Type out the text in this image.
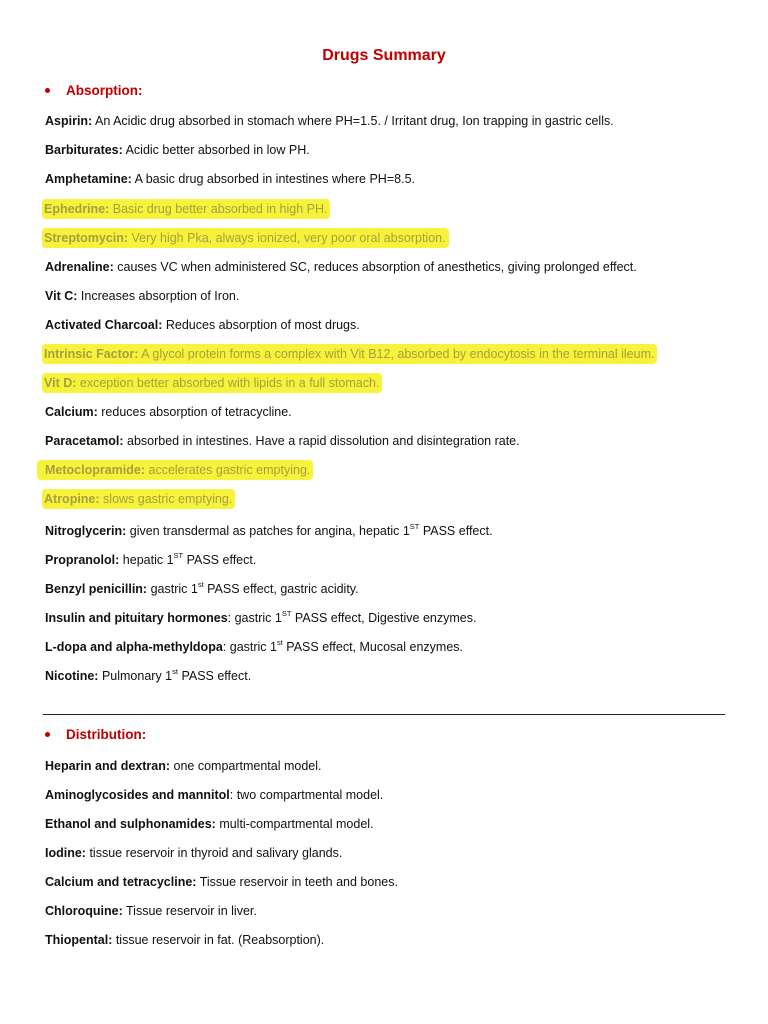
Drugs Summary
Absorption:
Aspirin: An Acidic drug absorbed in stomach where PH=1.5. / Irritant drug, Ion trapping in gastric cells.
Barbiturates: Acidic better absorbed in low PH.
Amphetamine: A basic drug absorbed in intestines where PH=8.5.
Ephedrine: Basic drug better absorbed in high PH.
Streptomycin: Very high Pka, always ionized, very poor oral absorption.
Adrenaline: causes VC when administered SC, reduces absorption of anesthetics, giving prolonged effect.
Vit C: Increases absorption of Iron.
Activated Charcoal: Reduces absorption of most drugs.
Intrinsic Factor: A glycol protein forms a complex with Vit B12, absorbed by endocytosis in the terminal ileum.
Vit D: exception better absorbed with lipids in a full stomach.
Calcium: reduces absorption of tetracycline.
Paracetamol: absorbed in intestines. Have a rapid dissolution and disintegration rate.
Metoclopramide: accelerates gastric emptying.
Atropine: slows gastric emptying.
Nitroglycerin: given transdermal as patches for angina, hepatic 1ST PASS effect.
Propranolol: hepatic 1ST PASS effect.
Benzyl penicillin: gastric 1st PASS effect, gastric acidity.
Insulin and pituitary hormones: gastric 1ST PASS effect, Digestive enzymes.
L-dopa and alpha-methyldopa: gastric 1st PASS effect, Mucosal enzymes.
Nicotine: Pulmonary 1st PASS effect.
Distribution:
Heparin and dextran: one compartmental model.
Aminoglycosides and mannitol: two compartmental model.
Ethanol and sulphonamides: multi-compartmental model.
Iodine: tissue reservoir in thyroid and salivary glands.
Calcium and tetracycline: Tissue reservoir in teeth and bones.
Chloroquine: Tissue reservoir in liver.
Thiopental: tissue reservoir in fat. (Reabsorption).
